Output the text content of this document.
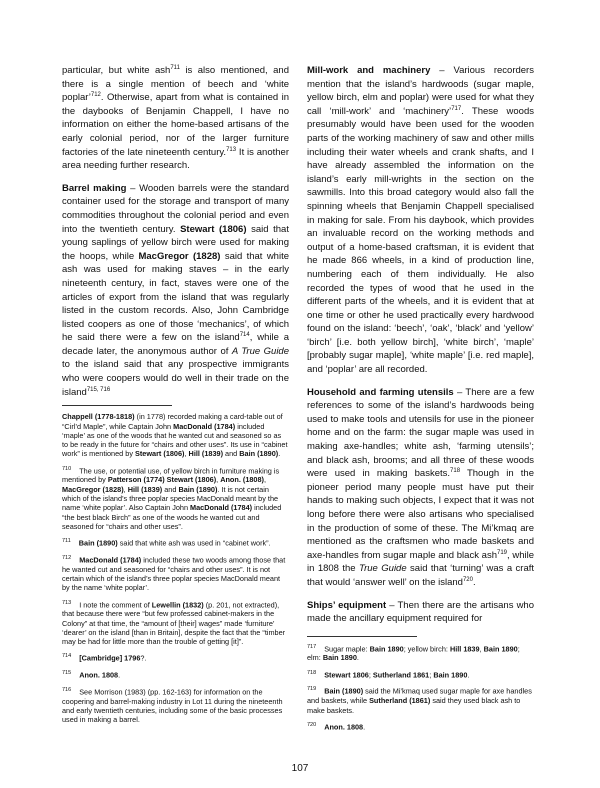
particular, but white ash$^{711}$ is also mentioned, and there is a single mention of beech and ‘white poplar’$^{712}$. Otherwise, apart from what is contained in the daybooks of Benjamin Chappell, I have no information on either the home-based artisans of the early colonial period, nor of the larger furniture factories of the late nineteenth century.$^{713}$ It is another area needing further research.

Barrel making – Wooden barrels were the standard container used for the storage and transport of many commodities throughout the colonial period and even into the twentieth century. Stewart (1806) said that young saplings of yellow birch were used for making the hoops, while MacGregor (1828) said that white ash was used for making staves – in the early nineteenth century, in fact, staves were one of the articles of export from the island that was regularly listed in the custom records. Also, John Cambridge listed coopers as one of those ‘mechanics’, of which he said there were a few on the island$^{714}$, while a decade later, the anonymous author of A True Guide to the island said that any prospective immigrants who were coopers would do well in their trade on the island$^{715, 716}$

Chappell (1778-1818) (in 1778) recorded making a card-table out of “Cirl’d Maple”, while Captain John MacDonald (1784) included ‘maple’ as one of the woods that he wanted cut and seasoned so as to be ready in the future for “chairs and other uses”. Its use in “cabinet work” is mentioned by Stewart (1806), Hill (1839) and Bain (1890).

$^{710}$ The use, or potential use, of yellow birch in furniture making is mentioned by Patterson (1774) Stewart (1806), Anon. (1808), MacGregor (1828), Hill (1839) and Bain (1890). It is not certain which of the island’s three poplar species MacDonald meant by the name ‘white poplar’. Also Captain John MacDonald (1784) included “the best black Birch” as one of the woods he wanted cut and seasoned for “chairs and other uses”.

$^{711}$ Bain (1890) said that white ash was used in “cabinet work”.

$^{712}$ MacDonald (1784) included these two woods among those that he wanted cut and seasoned for “chairs and other uses”. It is not certain which of the island’s three poplar species MacDonald meant by the name ‘white poplar’.

$^{713}$ I note the comment of Lewellin (1832) (p. 201, not extracted), that because there were “but few professed cabinet-makers in the Colony” at that time, the “amount of [their] wages” made ‘furniture’ ‘dearer’ on the island [than in Britain], despite the fact that the “timber may be had for little more than the trouble of getting [it]”.

$^{714}$ [Cambridge] 1796?.

$^{715}$ Anon. 1808.

$^{716}$ See Morrison (1983) (pp. 162-163) for information on the coopering and barrel-making industry in Lot 11 during the nineteenth and early twentieth centuries, including some of the basic processes used in making a barrel.

Mill-work and machinery – Various recorders mention that the island’s hardwoods (sugar maple, yellow birch, elm and poplar) were used for what they call ‘mill-work’ and ‘machinery’$^{717}$. These woods presumably would have been used for the wooden parts of the working machinery of saw and other mills including their water wheels and crank shafts, and I have already assembled the information on the island’s early mill-wrights in the section on the sawmills. Into this broad category would also fall the spinning wheels that Benjamin Chappell specialised in making for sale. From his daybook, which provides an invaluable record on the working methods and output of a home-based craftsman, it is evident that he made 866 wheels, in a kind of production line, numbering each of them individually. He also recorded the types of wood that he used in the different parts of the wheels, and it is evident that at one time or other he used practically every hardwood found on the island: ‘beech’, ‘oak’, ‘black’ and ‘yellow’ ‘birch’ [i.e. both yellow birch], ‘white birch’, ‘maple’ [probably sugar maple], ‘white maple’ [i.e. red maple], and ‘poplar’ are all recorded.

Household and farming utensils – There are a few references to some of the island’s hardwoods being used to make tools and utensils for use in the pioneer home and on the farm: the sugar maple was used in making axe-handles; white ash, ‘farming utensils’; and black ash, brooms; and all three of these woods were used in making baskets.$^{718}$ Though in the pioneer period many people must have put their hands to making such objects, I expect that it was not long before there were also artisans who specialised in the production of some of these. The Mi’kmaq are mentioned as the craftsmen who made baskets and axe-handles from sugar maple and black ash$^{719}$, while in 1808 the True Guide said that ‘turning’ was a craft that would ‘answer well’ on the island$^{720}$.

Ships’ equipment – Then there are the artisans who made the ancillary equipment required for

$^{717}$ Sugar maple: Bain 1890; yellow birch: Hill 1839, Bain 1890; elm: Bain 1890.

$^{718}$ Stewart 1806; Sutherland 1861; Bain 1890.

$^{719}$ Bain (1890) said the Mi’kmaq used sugar maple for axe handles and baskets, while Sutherland (1861) said they used black ash to make baskets.

$^{720}$ Anon. 1808.

107
